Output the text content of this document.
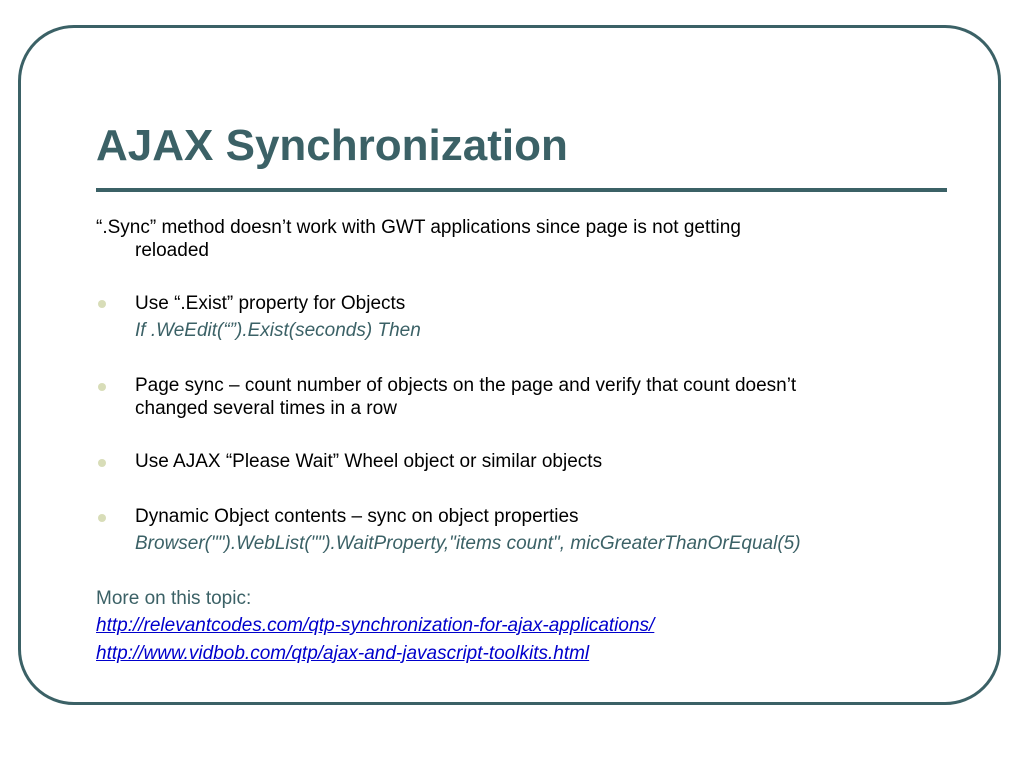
AJAX Synchronization
“.Sync” method doesn’t work with GWT applications since page is not getting
reloaded
Use “.Exist” property for Objects
If .WeEdit(“”).Exist(seconds) Then
Page sync – count number of objects on the page and verify that count doesn’t
changed several times in a row
Use AJAX “Please Wait” Wheel object or similar objects
Dynamic Object contents – sync on object properties
Browser("").WebList("").WaitProperty,"items count", micGreaterThanOrEqual(5)
More on this topic:
http://relevantcodes.com/qtp-synchronization-for-ajax-applications/
http://www.vidbob.com/qtp/ajax-and-javascript-toolkits.html
